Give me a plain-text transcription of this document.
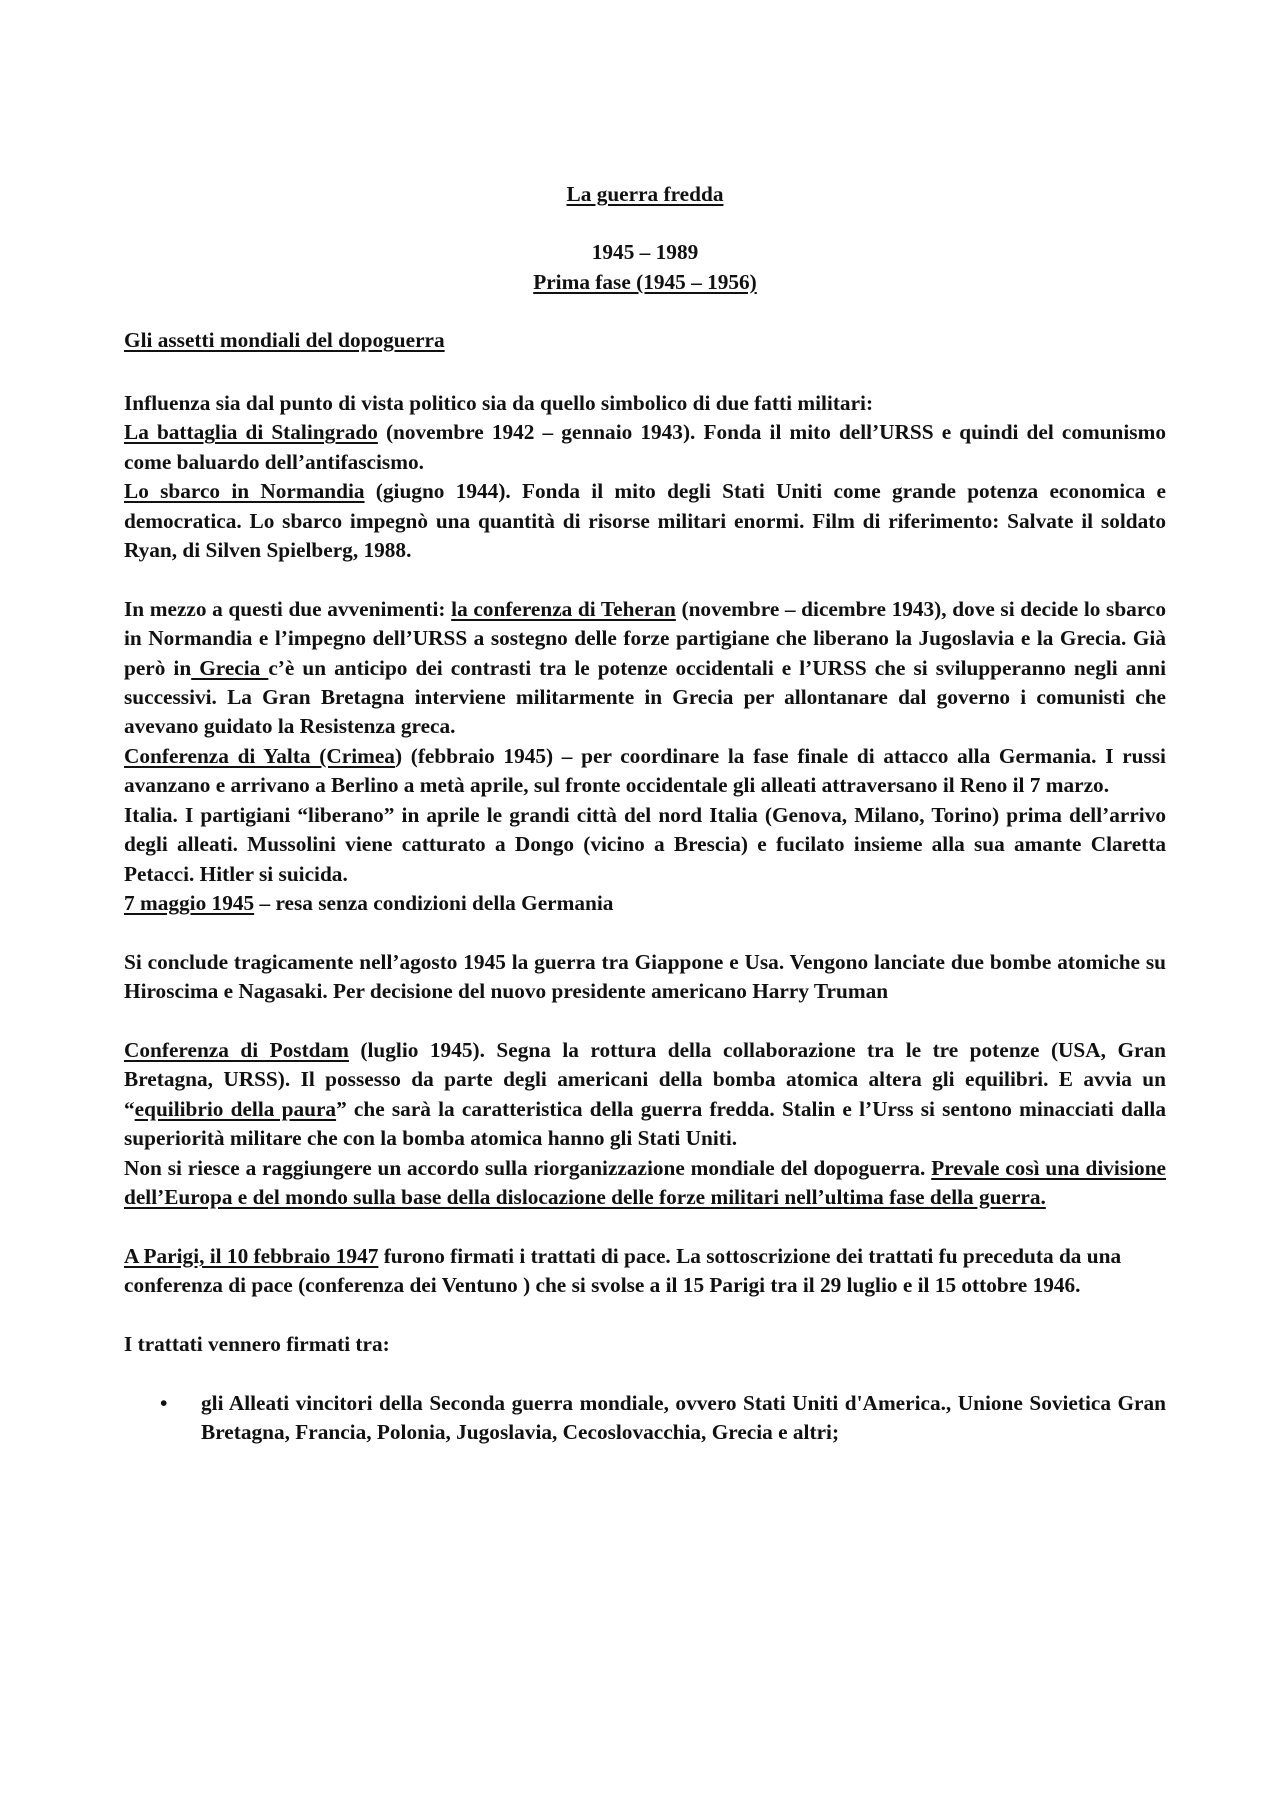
La guerra fredda

1945 – 1989

Prima fase (1945 – 1956)

Gli assetti mondiali del dopoguerra

Influenza sia dal punto di vista politico sia da quello simbolico di due fatti militari:

La battaglia di Stalingrado (novembre 1942 – gennaio 1943). Fonda il mito dell’URSS e quindi del comunismo come baluardo dell’antifascismo.

Lo sbarco in Normandia (giugno 1944). Fonda il mito degli Stati Uniti come grande potenza economica e democratica. Lo sbarco impegnò una quantità di risorse militari enormi. Film di riferimento: Salvate il soldato Ryan, di Silven Spielberg, 1988.

In mezzo a questi due avvenimenti: la conferenza di Teheran (novembre – dicembre 1943), dove si decide lo sbarco in Normandia e l’impegno dell’URSS a sostegno delle forze partigiane che liberano la Jugoslavia e la Grecia. Già però in Grecia c’è un anticipo dei contrasti tra le potenze occidentali e l’URSS che si svilupperanno negli anni successivi. La Gran Bretagna interviene militarmente in Grecia per allontanare dal governo i comunisti che avevano guidato la Resistenza greca.

Conferenza di Yalta (Crimea) (febbraio 1945) – per coordinare la fase finale di attacco alla Germania. I russi avanzano e arrivano a Berlino a metà aprile, sul fronte occidentale gli alleati attraversano il Reno il 7 marzo.

Italia. I partigiani “liberano” in aprile le grandi città del nord Italia (Genova, Milano, Torino) prima dell’arrivo degli alleati. Mussolini viene catturato a Dongo (vicino a Brescia) e fucilato insieme alla sua amante Claretta Petacci. Hitler si suicida.

7 maggio 1945 – resa senza condizioni della Germania

Si conclude tragicamente nell’agosto 1945 la guerra tra Giappone e Usa. Vengono lanciate due bombe atomiche su Hiroscima e Nagasaki. Per decisione del nuovo presidente americano Harry Truman

Conferenza di Postdam (luglio 1945). Segna la rottura della collaborazione tra le tre potenze (USA, Gran Bretagna, URSS). Il possesso da parte degli americani della bomba atomica altera gli equilibri. E avvia un “equilibrio della paura” che sarà la caratteristica della guerra fredda. Stalin e l’Urss si sentono minacciati dalla superiorità militare che con la bomba atomica hanno gli Stati Uniti.

Non si riesce a raggiungere un accordo sulla riorganizzazione mondiale del dopoguerra. Prevale così una divisione dell’Europa e del mondo sulla base della dislocazione delle forze militari nell’ultima fase della guerra.

A Parigi, il 10 febbraio 1947 furono firmati i trattati di pace. La sottoscrizione dei trattati fu preceduta da una conferenza di pace (conferenza dei Ventuno ) che si svolse a il 15 Parigi tra il 29 luglio e il 15 ottobre 1946.

I trattati vennero firmati tra:

• gli Alleati vincitori della Seconda guerra mondiale, ovvero Stati Uniti d'America., Unione Sovietica Gran Bretagna, Francia, Polonia, Jugoslavia, Cecoslovacchia, Grecia e altri;
